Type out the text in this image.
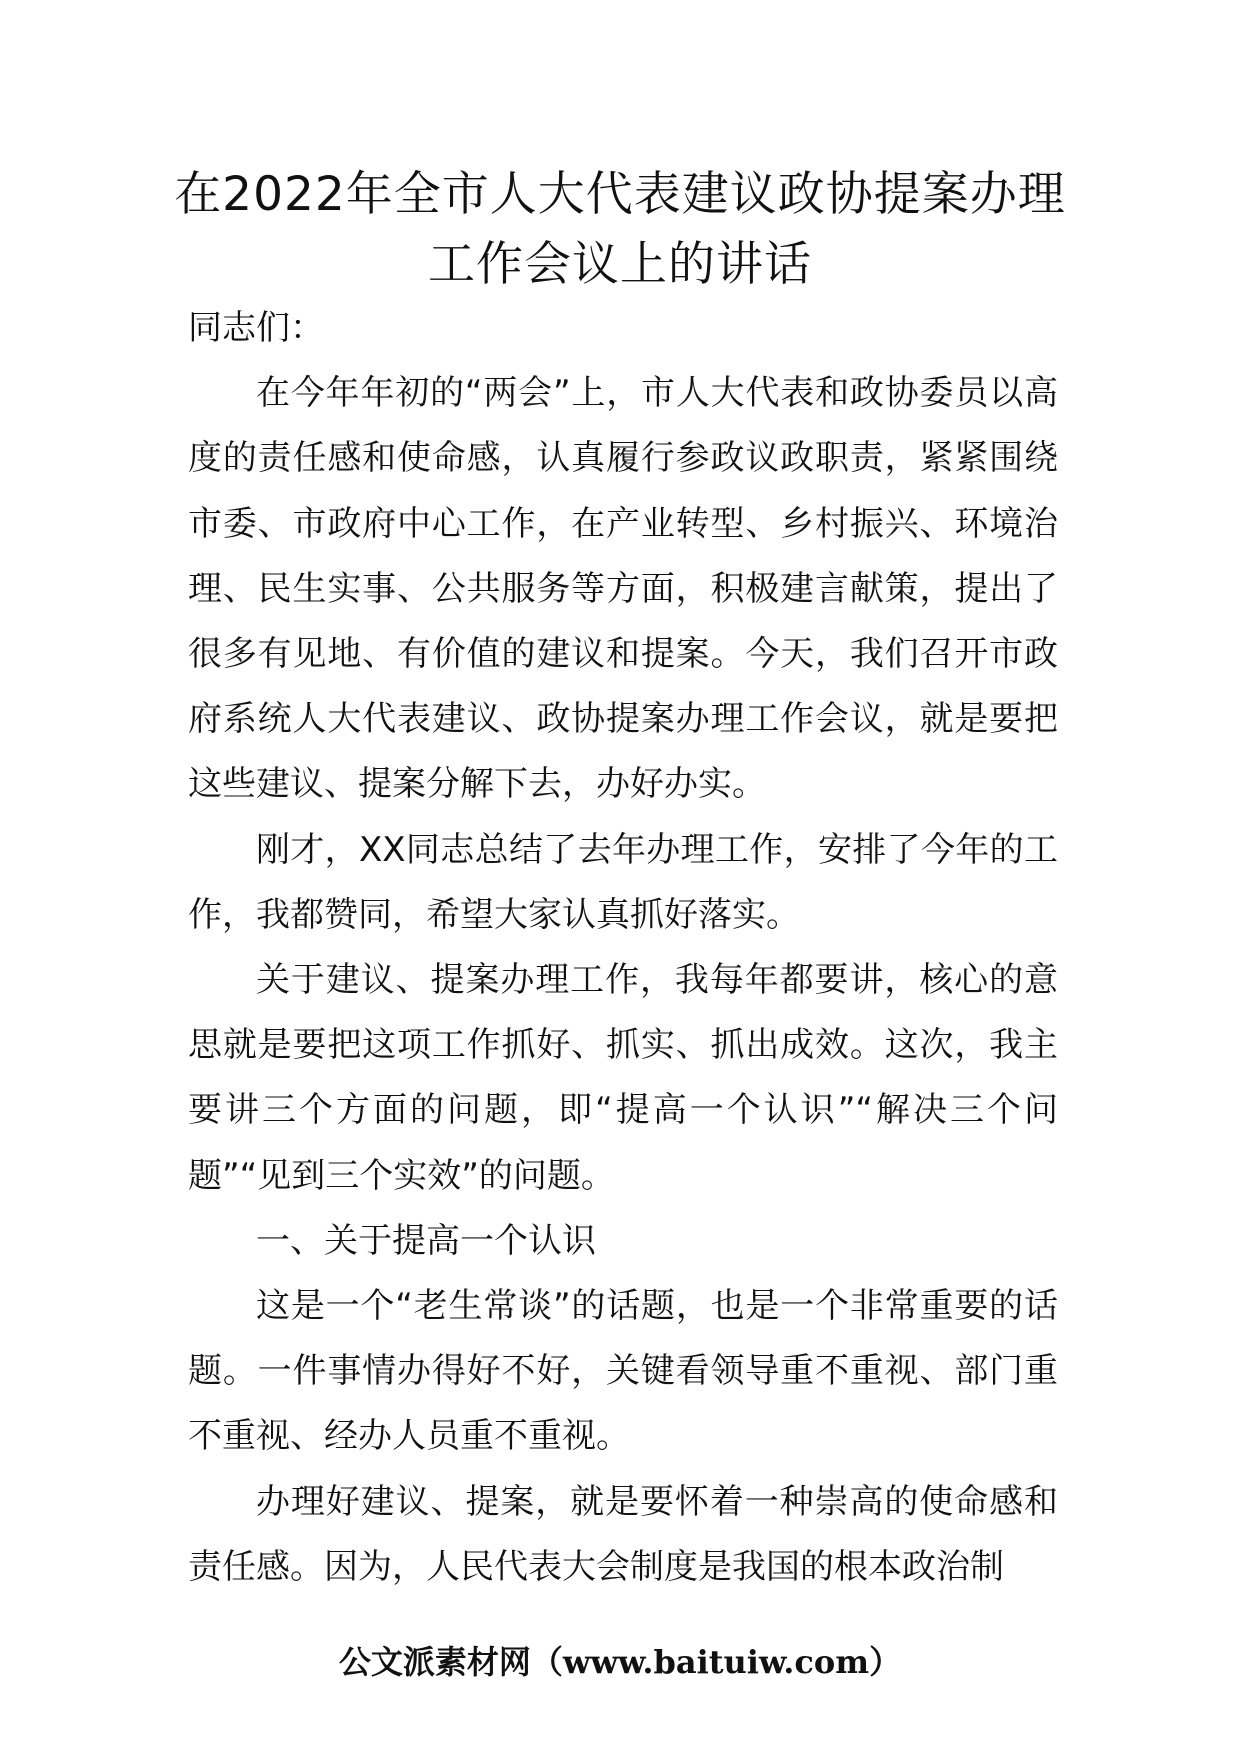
在2022年全市人大代表建议政协提案办理
工作会议上的讲话

同志们：

在今年年初的“两会”上，市人大代表和政协委员以高度的责任感和使命感，认真履行参政议政职责，紧紧围绕市委、市政府中心工作，在产业转型、乡村振兴、环境治理、民生实事、公共服务等方面，积极建言献策，提出了很多有见地、有价值的建议和提案。今天，我们召开市政府系统人大代表建议、政协提案办理工作会议，就是要把这些建议、提案分解下去，办好办实。

刚才，XX同志总结了去年办理工作，安排了今年的工作，我都赞同，希望大家认真抓好落实。

关于建议、提案办理工作，我每年都要讲，核心的意思就是要把这项工作抓好、抓实、抓出成效。这次，我主要讲三个方面的问题，即“提高一个认识”“解决三个问题”“见到三个实效”的问题。

一、关于提高一个认识

这是一个“老生常谈”的话题，也是一个非常重要的话题。一件事情办得好不好，关键看领导重不重视、部门重不重视、经办人员重不重视。

办理好建议、提案，就是要怀着一种崇高的使命感和责任感。因为，人民代表大会制度是我国的根本政治制

公文派素材网（www.baituiw.com）
